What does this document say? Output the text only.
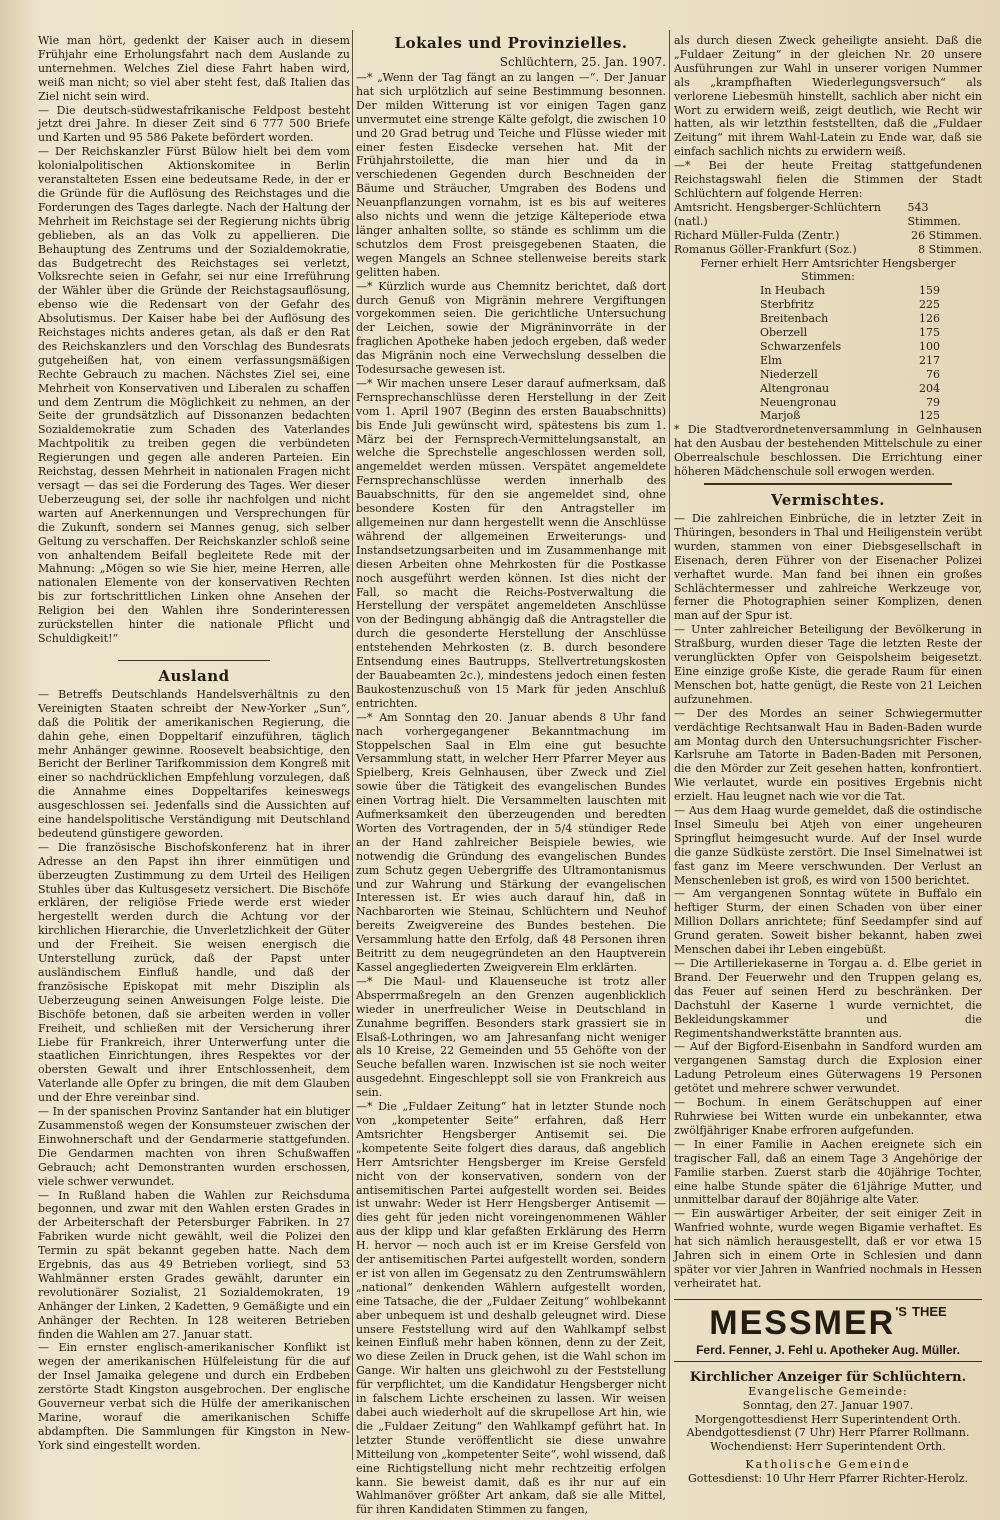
Wie man hört, gedenkt der Kaiser auch in diesem Frühjahr eine Erholungsfahrt nach dem Auslande zu unternehmen. Welches Ziel diese Fahrt haben wird, weiß man nicht; so viel aber steht fest, daß Italien das Ziel nicht sein wird.

— Die deutsch-südwestafrikanische Feldpost besteht jetzt drei Jahre. In dieser Zeit sind 6 777 500 Briefe und Karten und 95 586 Pakete befördert worden.

— Der Reichskanzler Fürst Bülow hielt bei dem vom kolonialpolitischen Aktionskomitee in Berlin veranstalteten Essen eine bedeutsame Rede, in der er die Gründe für die Auflösung des Reichstages und die Forderungen des Tages darlegte. Nach der Haltung der Mehrheit im Reichstage sei der Regierung nichts übrig geblieben, als an das Volk zu appellieren. Die Behauptung des Zentrums und der Sozialdemokratie, das Budgetrecht des Reichstages sei verletzt, Volksrechte seien in Gefahr, sei nur eine Irreführung der Wähler über die Gründe der Reichstagsauflösung, ebenso wie die Redensart von der Gefahr des Absolutismus. Der Kaiser habe bei der Auflösung des Reichstages nichts anderes getan, als daß er den Rat des Reichskanzlers und den Vorschlag des Bundesrats gutgeheißen hat, von einem verfassungsmäßigen Rechte Gebrauch zu machen. Nächstes Ziel sei, eine Mehrheit von Konservativen und Liberalen zu schaffen und dem Zentrum die Möglichkeit zu nehmen, an der Seite der grundsätzlich auf Dissonanzen bedachten Sozialdemokratie zum Schaden des Vaterlandes Machtpolitik zu treiben gegen die verbündeten Regierungen und gegen alle anderen Parteien. Ein Reichstag, dessen Mehrheit in nationalen Fragen nicht versagt — das sei die Forderung des Tages. Wer dieser Ueberzeugung sei, der solle ihr nachfolgen und nicht warten auf Anerkennungen und Versprechungen für die Zukunft, sondern sei Mannes genug, sich selber Geltung zu verschaffen. Der Reichskanzler schloß seine von anhaltendem Beifall begleitete Rede mit der Mahnung: „Mögen so wie Sie hier, meine Herren, alle nationalen Elemente von der konservativen Rechten bis zur fortschrittlichen Linken ohne Ansehen der Religion bei den Wahlen ihre Sonderinteressen zurückstellen hinter die nationale Pflicht und Schuldigkeit!“

Ausland

— Betreffs Deutschlands Handelsverhältnis zu den Vereinigten Staaten schreibt der New-Yorker „Sun“, daß die Politik der amerikanischen Regierung, die dahin gehe, einen Doppeltarif einzuführen, täglich mehr Anhänger gewinne. Roosevelt beabsichtige, den Bericht der Berliner Tarifkommission dem Kongreß mit einer so nachdrücklichen Empfehlung vorzulegen, daß die Annahme eines Doppeltarifes keineswegs ausgeschlossen sei. Jedenfalls sind die Aussichten auf eine handelspolitische Verständigung mit Deutschland bedeutend günstigere geworden.

— Die französische Bischofskonferenz hat in ihrer Adresse an den Papst ihn ihrer einmütigen und überzeugten Zustimmung zu dem Urteil des Heiligen Stuhles über das Kultusgesetz versichert. Die Bischöfe erklären, der religiöse Friede werde erst wieder hergestellt werden durch die Achtung vor der kirchlichen Hierarchie, die Unverletzlichkeit der Güter und der Freiheit. Sie weisen energisch die Unterstellung zurück, daß der Papst unter ausländischem Einfluß handle, und daß der französische Episkopat mit mehr Disziplin als Ueberzeugung seinen Anweisungen Folge leiste. Die Bischöfe betonen, daß sie arbeiten werden in voller Freiheit, und schließen mit der Versicherung ihrer Liebe für Frankreich, ihrer Unterwerfung unter die staatlichen Einrichtungen, ihres Respektes vor der obersten Gewalt und ihrer Entschlossenheit, dem Vaterlande alle Opfer zu bringen, die mit dem Glauben und der Ehre vereinbar sind.

— In der spanischen Provinz Santander hat ein blutiger Zusammenstoß wegen der Konsumsteuer zwischen der Einwohnerschaft und der Gendarmerie stattgefunden. Die Gendarmen machten von ihren Schußwaffen Gebrauch; acht Demonstranten wurden erschossen, viele schwer verwundet.

— In Rußland haben die Wahlen zur Reichsduma begonnen, und zwar mit den Wahlen ersten Grades in der Arbeiterschaft der Petersburger Fabriken. In 27 Fabriken wurde nicht gewählt, weil die Polizei den Termin zu spät bekannt gegeben hatte. Nach dem Ergebnis, das aus 49 Betrieben vorliegt, sind 53 Wahlmänner ersten Grades gewählt, darunter ein revolutionärer Sozialist, 21 Sozialdemokraten, 19 Anhänger der Linken, 2 Kadetten, 9 Gemäßigte und ein Anhänger der Rechten. In 128 weiteren Betrieben finden die Wahlen am 27. Januar statt.

— Ein ernster englisch-amerikanischer Konflikt ist wegen der amerikanischen Hülfeleistung für die auf der Insel Jamaika gelegene und durch ein Erdbeben zerstörte Stadt Kingston ausgebrochen. Der englische Gouverneur verbat sich die Hülfe der amerikanischen Marine, worauf die amerikanischen Schiffe abdampften. Die Sammlungen für Kingston in New-York sind eingestellt worden.

Lokales und Provinzielles.
Schlüchtern, 25. Jan. 1907.

—* „Wenn der Tag fängt an zu langen —“. Der Januar hat sich urplötzlich auf seine Bestimmung besonnen. Der milden Witterung ist vor einigen Tagen ganz unvermutet eine strenge Kälte gefolgt, die zwischen 10 und 20 Grad betrug und Teiche und Flüsse wieder mit einer festen Eisdecke versehen hat. Mit der Frühjahrstoilette, die man hier und da in verschiedenen Gegenden durch Beschneiden der Bäume und Sträucher, Umgraben des Bodens und Neuanpflanzungen vornahm, ist es bis auf weiteres also nichts und wenn die jetzige Kälteperiode etwa länger anhalten sollte, so stände es schlimm um die schutzlos dem Frost preisgegebenen Staaten, die wegen Mangels an Schnee stellenweise bereits stark gelitten haben.

—* Kürzlich wurde aus Chemnitz berichtet, daß dort durch Genuß von Migränin mehrere Vergiftungen vorgekommen seien. Die gerichtliche Untersuchung der Leichen, sowie der Migräninvorräte in der fraglichen Apotheke haben jedoch ergeben, daß weder das Migränin noch eine Verwechslung desselben die Todesursache gewesen ist.

—* Wir machen unsere Leser darauf aufmerksam, daß Fernsprechanschlüsse deren Herstellung in der Zeit vom 1. April 1907 (Beginn des ersten Bauabschnitts) bis Ende Juli gewünscht wird, spätestens bis zum 1. März bei der Fernsprech-Vermittelungsanstalt, an welche die Sprechstelle angeschlossen werden soll, angemeldet werden müssen. Verspätet angemeldete Fernsprechanschlüsse werden innerhalb des Bauabschnitts, für den sie angemeldet sind, ohne besondere Kosten für den Antragsteller im allgemeinen nur dann hergestellt wenn die Anschlüsse während der allgemeinen Erweiterungs- und Instandsetzungsarbeiten und im Zusammenhange mit diesen Arbeiten ohne Mehrkosten für die Postkasse noch ausgeführt werden können. Ist dies nicht der Fall, so macht die Reichs-Postverwaltung die Herstellung der verspätet angemeldeten Anschlüsse von der Bedingung abhängig daß die Antragsteller die durch die gesonderte Herstellung der Anschlüsse entstehenden Mehrkosten (z. B. durch besondere Entsendung eines Bautrupps, Stellvertretungskosten der Bauabeamten 2c.), mindestens jedoch einen festen Baukostenzuschuß von 15 Mark für jeden Anschluß entrichten.

—* Am Sonntag den 20. Januar abends 8 Uhr fand nach vorhergegangener Bekanntmachung im Stoppelschen Saal in Elm eine gut besuchte Versammlung statt, in welcher Herr Pfarrer Meyer aus Spielberg, Kreis Gelnhausen, über Zweck und Ziel sowie über die Tätigkeit des evangelischen Bundes einen Vortrag hielt. Die Versammelten lauschten mit Aufmerksamkeit den überzeugenden und beredten Worten des Vortragenden, der in 5/4 stündiger Rede an der Hand zahlreicher Beispiele bewies, wie notwendig die Gründung des evangelischen Bundes zum Schutz gegen Uebergriffe des Ultramontanismus und zur Wahrung und Stärkung der evangelischen Interessen ist. Er wies auch darauf hin, daß in Nachbarorten wie Steinau, Schlüchtern und Neuhof bereits Zweigvereine des Bundes bestehen. Die Versammlung hatte den Erfolg, daß 48 Personen ihren Beitritt zu dem neugegründeten an den Hauptverein Kassel angegliederten Zweigverein Elm erklärten.

—* Die Maul- und Klauenseuche ist trotz aller Absperrmaßregeln an den Grenzen augenblicklich wieder in unerfreulicher Weise in Deutschland in Zunahme begriffen. Besonders stark grassiert sie in Elsaß-Lothringen, wo am Jahresanfang nicht weniger als 10 Kreise, 22 Gemeinden und 55 Gehöfte von der Seuche befallen waren. Inzwischen ist sie noch weiter ausgedehnt. Eingeschleppt soll sie von Frankreich aus sein.

—* Die „Fuldaer Zeitung“ hat in letzter Stunde noch von „kompetenter Seite“ erfahren, daß Herr Amtsrichter Hengsberger Antisemit sei. Die „kompetente Seite folgert dies daraus, daß angeblich Herr Amtsrichter Hengsberger im Kreise Gersfeld nicht von der konservativen, sondern von der antisemitischen Partei aufgestellt worden sei. Beides ist unwahr: Weder ist Herr Hengsberger Antisemit — dies geht für jeden nicht voreingenommenen Wähler aus der klipp und klar gefaßten Erklärung des Herrn H. hervor — noch auch ist er im Kreise Gersfeld von der antisemitischen Partei aufgestellt worden, sondern er ist von allen im Gegensatz zu den Zentrumswählern „national“ denkenden Wählern aufgestellt worden, eine Tatsache, die der „Fuldaer Zeitung“ wohlbekannt aber unbequem ist und deshalb geleugnet wird. Diese unsere Feststellung wird auf den Wahlkampf selbst keinen Einfluß mehr haben können, denn zu der Zeit, wo diese Zeilen in Druck gehen, ist die Wahl schon im Gange. Wir halten uns gleichwohl zu der Feststellung für verpflichtet, um die Kandidatur Hengsberger nicht in falschem Lichte erscheinen zu lassen. Wir weisen dabei auch wiederholt auf die skrupellose Art hin, wie die „Fuldaer Zeitung“ den Wahlkampf geführt hat. In letzter Stunde veröffentlicht sie diese unwahre Mitteilung von „kompetenter Seite“, wohl wissend, daß eine Richtigstellung nicht mehr rechtzeitig erfolgen kann. Sie beweist damit, daß es ihr nur auf ein Wahlmanöver größter Art ankam, daß sie alle Mittel, für ihren Kandidaten Stimmen zu fangen,

als durch diesen Zweck geheiligte ansieht. Daß die „Fuldaer Zeitung“ in der gleichen Nr. 20 unsere Ausführungen zur Wahl in unserer vorigen Nummer als „krampfhaften Wiederlegungsversuch“ als verlorene Liebesmüh hinstellt, sachlich aber nicht ein Wort zu erwidern weiß, zeigt deutlich, wie Recht wir hatten, als wir letzthin feststellten, daß die „Fuldaer Zeitung“ mit ihrem Wahl-Latein zu Ende war, daß sie einfach sachlich nichts zu erwidern weiß.

—* Bei der heute Freitag stattgefundenen Reichstagswahl fielen die Stimmen der Stadt Schlüchtern auf folgende Herren:

Amtsricht. Hengsberger-Schlüchtern (natl.)
543 Stimmen.
Richard Müller-Fulda (Zentr.)	26 Stimmen.
Romanus Göller-Frankfurt (Soz.)	8 Stimmen.
Ferner erhielt Herr Amtsrichter Hengsberger Stimmen:
In Heubach	159
Sterbfritz	225
Breitenbach	126
Oberzell	175
Schwarzenfels	100
Elm	217
Niederzell	76
Altengronau	204
Neuengronau	79
Marjoß	125

* Die Stadtverordnetenversammlung in Gelnhausen hat den Ausbau der bestehenden Mittelschule zu einer Oberrealschule beschlossen. Die Errichtung einer höheren Mädchenschule soll erwogen werden.

Vermischtes.

— Die zahlreichen Einbrüche, die in letzter Zeit in Thüringen, besonders in Thal und Heiligenstein verübt wurden, stammen von einer Diebsgesellschaft in Eisenach, deren Führer von der Eisenacher Polizei verhaftet wurde. Man fand bei ihnen ein großes Schlächtermesser und zahlreiche Werkzeuge vor, ferner die Photographien seiner Komplizen, denen man auf der Spur ist.

— Unter zahlreicher Beteiligung der Bevölkerung in Straßburg, wurden dieser Tage die letzten Reste der verunglückten Opfer von Geispolsheim beigesetzt. Eine einzige große Kiste, die gerade Raum für einen Menschen bot, hatte genügt, die Reste von 21 Leichen aufzunehmen.

— Der des Mordes an seiner Schwiegermutter verdächtige Rechtsanwalt Hau in Baden-Baden wurde am Montag durch den Untersuchungsrichter Fischer-Karlsruhe am Tatorte in Baden-Baden mit Personen, die den Mörder zur Zeit gesehen hatten, konfrontiert. Wie verlautet, wurde ein positives Ergebnis nicht erzielt. Hau leugnet nach wie vor die Tat.

— Aus dem Haag wurde gemeldet, daß die ostindische Insel Simeulu bei Atjeh von einer ungeheuren Springflut heimgesucht wurde. Auf der Insel wurde die ganze Südküste zerstört. Die Insel Simelnatwei ist fast ganz im Meere verschwunden. Der Verlust an Menschenleben ist groß, es wird von 1500 berichtet.

— Am vergangenen Sonntag wütete in Buffalo ein heftiger Sturm, der einen Schaden von über einer Million Dollars anrichtete; fünf Seedampfer sind auf Grund geraten. Soweit bisher bekannt, haben zwei Menschen dabei ihr Leben eingebüßt.

— Die Artilleriekaserne in Torgau a. d. Elbe geriet in Brand. Der Feuerwehr und den Truppen gelang es, das Feuer auf seinen Herd zu beschränken. Der Dachstuhl der Kaserne 1 wurde vernichtet, die Bekleidungskammer und die Regimentshandwerkstätte brannten aus.

— Auf der Bigford-Eisenbahn in Sandford wurden am vergangenen Samstag durch die Explosion einer Ladung Petroleum eines Güterwagens 19 Personen getötet und mehrere schwer verwundet.

— Bochum. In einem Gerätschuppen auf einer Ruhrwiese bei Witten wurde ein unbekannter, etwa zwölfjähriger Knabe erfroren aufgefunden.

— In einer Familie in Aachen ereignete sich ein tragischer Fall, daß an einem Tage 3 Angehörige der Familie starben. Zuerst starb die 40jährige Tochter, eine halbe Stunde später die 61jährige Mutter, und unmittelbar darauf der 80jährige alte Vater.

— Ein auswärtiger Arbeiter, der seit einiger Zeit in Wanfried wohnte, wurde wegen Bigamie verhaftet. Es hat sich nämlich herausgestellt, daß er vor etwa 15 Jahren sich in einem Orte in Schlesien und dann später vor vier Jahren in Wanfried nochmals in Hessen verheiratet hat.

$MESSMER^{'S}$ $^{THEE}$
Ferd. Fenner, J. Fehl u. Apotheker Aug. Müller.
Kirchlicher Anzeiger für Schlüchtern.
Evangelische Gemeinde:
Sonntag, den 27. Januar 1907.
Morgengottesdienst Herr Superintendent Orth.
Abendgottesdienst (7 Uhr) Herr Pfarrer Rollmann.
Wochendienst: Herr Superintendent Orth.
Katholische Gemeinde
Gottesdienst: 10 Uhr Herr Pfarrer Richter-Herolz.
